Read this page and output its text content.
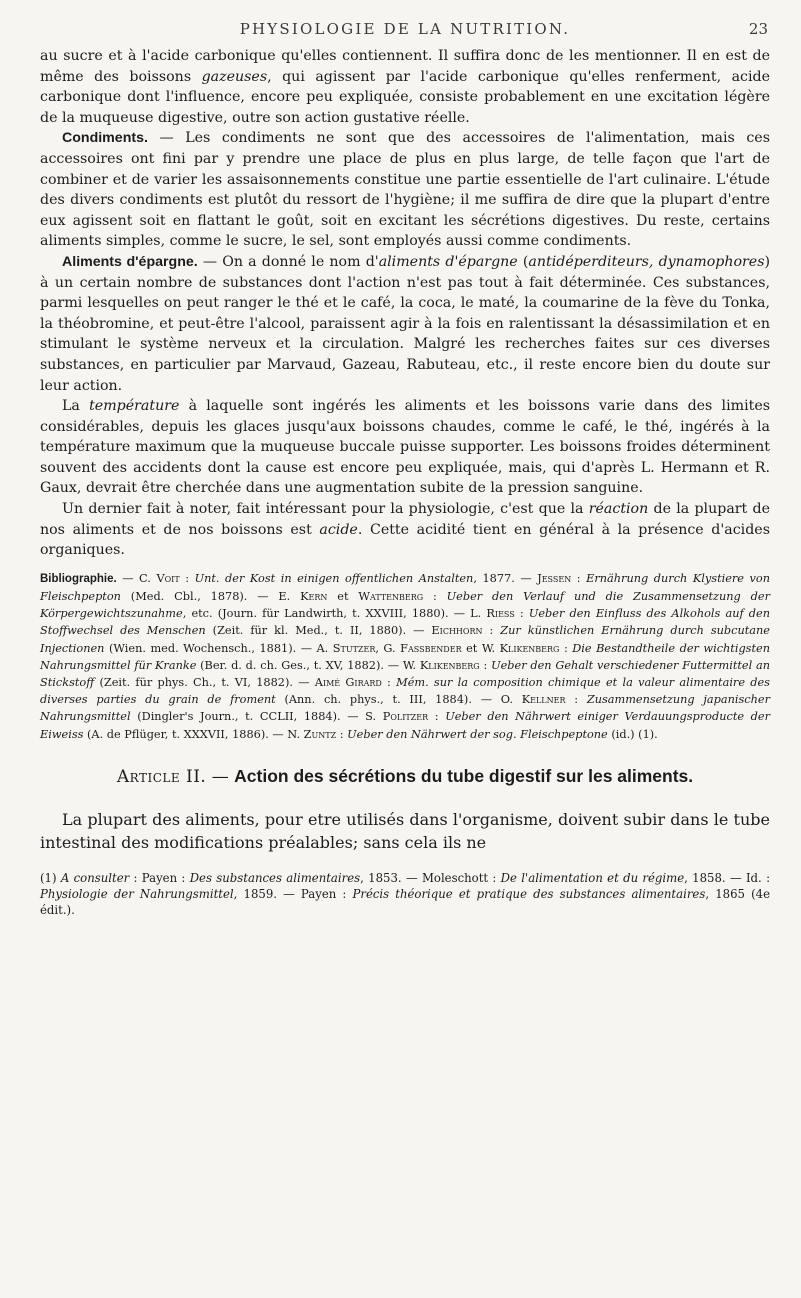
PHYSIOLOGIE DE LA NUTRITION.	23

au sucre et à l'acide carbonique qu'elles contiennent. Il suffira donc de les mentionner. Il en est de même des boissons gazeuses, qui agissent par l'acide carbonique qu'elles renferment, acide carbonique dont l'influence, encore peu expliquée, consiste probablement en une excitation légère de la muqueuse digestive, outre son action gustative réelle.

Condiments. — Les condiments ne sont que des accessoires de l'alimentation, mais ces accessoires ont fini par y prendre une place de plus en plus large, de telle façon que l'art de combiner et de varier les assaisonnements constitue une partie essentielle de l'art culinaire. L'étude des divers condiments est plutôt du ressort de l'hygiène; il me suffira de dire que la plupart d'entre eux agissent soit en flattant le goût, soit en excitant les sécrétions digestives. Du reste, certains aliments simples, comme le sucre, le sel, sont employés aussi comme condiments.

Aliments d'épargne. — On a donné le nom d'aliments d'épargne (antidéperditeurs, dynamophores) à un certain nombre de substances dont l'action n'est pas tout à fait déterminée. Ces substances, parmi lesquelles on peut ranger le thé et le café, la coca, le maté, la coumarine de la fève du Tonka, la théobromine, et peut-être l'alcool, paraissent agir à la fois en ralentissant la désassimilation et en stimulant le système nerveux et la circulation. Malgré les recherches faites sur ces diverses substances, en particulier par Marvaud, Gazeau, Rabuteau, etc., il reste encore bien du doute sur leur action.

La température à laquelle sont ingérés les aliments et les boissons varie dans des limites considérables, depuis les glaces jusqu'aux boissons chaudes, comme le café, le thé, ingérés à la température maximum que la muqueuse buccale puisse supporter. Les boissons froides déterminent souvent des accidents dont la cause est encore peu expliquée, mais, qui d'après L. Hermann et R. Gaux, devrait être cherchée dans une augmentation subite de la pression sanguine.

Un dernier fait à noter, fait intéressant pour la physiologie, c'est que la réaction de la plupart de nos aliments et de nos boissons est acide. Cette acidité tient en général à la présence d'acides organiques.

Bibliographie. — C. Voit : Unt. der Kost in einigen offentlichen Anstalten, 1877. — Jessen : Ernährung durch Klystiere von Fleischpepton (Med. Cbl., 1878). — E. Kern et Wattenberg : Ueber den Verlauf und die Zusammensetzung der Körpergewichtszunahme, etc. (Journ. für Landwirth, t. XXVIII, 1880). — L. Riess : Ueber den Einfluss des Alkohols auf den Stoffwechsel des Menschen (Zeit. für kl. Med., t. II, 1880). — Eichhorn : Zur künstlichen Ernährung durch subcutane Injectionen (Wien. med. Wochensch., 1881). — A. Stutzer, G. Fassbender et W. Klikenberg : Die Bestandtheile der wichtigsten Nahrungsmittel für Kranke (Ber. d. d. ch. Ges., t. XV, 1882). — W. Klikenberg : Ueber den Gehalt verschiedener Futtermittel an Stickstoff (Zeit. für phys. Ch., t. VI, 1882). — Aimé Girard : Mém. sur la composition chimique et la valeur alimentaire des diverses parties du grain de froment (Ann. ch. phys., t. III, 1884). — O. Kellner : Zusammensetzung japanischer Nahrungsmittel (Dingler's Journ., t. CCLII, 1884). — S. Politzer : Ueber den Nährwert einiger Verdauungsproducte der Eiweiss (A. de Pflüger, t. XXXVII, 1886). — N. Zuntz : Ueber den Nährwert der sog. Fleischpeptone (id.) (1).

Article II. — Action des sécrétions du tube digestif sur les aliments.

La plupart des aliments, pour etre utilisés dans l'organisme, doivent subir dans le tube intestinal des modifications préalables; sans cela ils ne

(1) A consulter : Payen : Des substances alimentaires, 1853. — Moleschott : De l'alimentation et du régime, 1858. — Id. : Physiologie der Nahrungsmittel, 1859. — Payen : Précis théorique et pratique des substances alimentaires, 1865 (4e édit.).
